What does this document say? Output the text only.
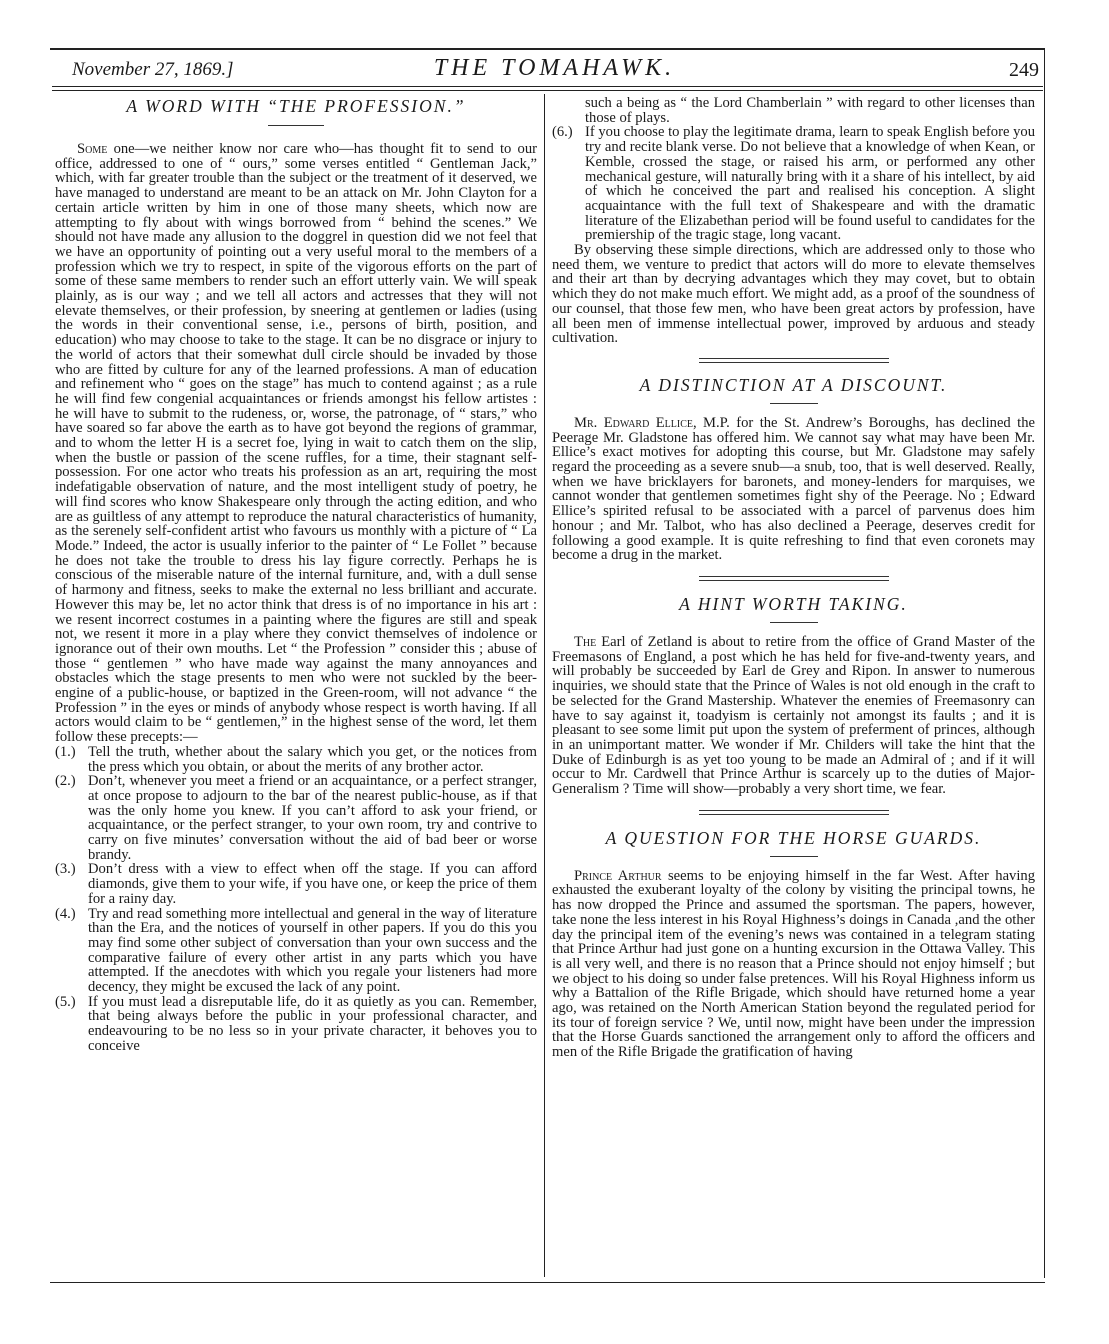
November 27, 1869.]	THE TOMAHAWK.	249
A WORD WITH “THE PROFESSION.”

Some one—we neither know nor care who—has thought fit to send to our office, addressed to one of “ ours,” some verses entitled “ Gentleman Jack,” which, with far greater trouble than the subject or the treatment of it deserved, we have managed to understand are meant to be an attack on Mr. John Clayton for a certain article written by him in one of those many sheets, which now are attempting to fly about with wings borrowed from “ behind the scenes.” We should not have made any allusion to the doggrel in question did we not feel that we have an opportunity of pointing out a very useful moral to the members of a profession which we try to respect, in spite of the vigorous efforts on the part of some of these same members to render such an effort utterly vain. We will speak plainly, as is our way ; and we tell all actors and actresses that they will not elevate themselves, or their profession, by sneering at gentlemen or ladies (using the words in their conventional sense, i.e., persons of birth, position, and education) who may choose to take to the stage. It can be no disgrace or injury to the world of actors that their somewhat dull circle should be invaded by those who are fitted by culture for any of the learned professions. A man of education and refinement who “ goes on the stage” has much to contend against ; as a rule he will find few congenial acquaintances or friends amongst his fellow artistes : he will have to submit to the rudeness, or, worse, the patronage, of “ stars,” who have soared so far above the earth as to have got beyond the regions of grammar, and to whom the letter H is a secret foe, lying in wait to catch them on the slip, when the bustle or passion of the scene ruffles, for a time, their stagnant self-possession. For one actor who treats his profession as an art, requiring the most indefatigable observation of nature, and the most intelligent study of poetry, he will find scores who know Shakespeare only through the acting edition, and who are as guiltless of any attempt to reproduce the natural characteristics of humanity, as the serenely self-confident artist who favours us monthly with a picture of “ La Mode.” Indeed, the actor is usually inferior to the painter of “ Le Follet ” because he does not take the trouble to dress his lay figure correctly. Perhaps he is conscious of the miserable nature of the internal furniture, and, with a dull sense of harmony and fitness, seeks to make the external no less brilliant and accurate. However this may be, let no actor think that dress is of no importance in his art : we resent incorrect costumes in a painting where the figures are still and speak not, we resent it more in a play where they convict themselves of indolence or ignorance out of their own mouths. Let “ the Profession ” consider this ; abuse of those “ gentlemen ” who have made way against the many annoyances and obstacles which the stage presents to men who were not suckled by the beer-engine of a public-house, or baptized in the Green-room, will not advance “ the Profession ” in the eyes or minds of anybody whose respect is worth having. If all actors would claim to be “ gentlemen,” in the highest sense of the word, let them follow these precepts:—

(1.) Tell the truth, whether about the salary which you get, or the notices from the press which you obtain, or about the merits of any brother actor.
(2.) Don’t, whenever you meet a friend or an acquaintance, or a perfect stranger, at once propose to adjourn to the bar of the nearest public-house, as if that was the only home you knew. If you can’t afford to ask your friend, or acquaintance, or the perfect stranger, to your own room, try and contrive to carry on five minutes’ conversation without the aid of bad beer or worse brandy.
(3.) Don’t dress with a view to effect when off the stage. If you can afford diamonds, give them to your wife, if you have one, or keep the price of them for a rainy day.
(4.) Try and read something more intellectual and general in the way of literature than the Era, and the notices of yourself in other papers. If you do this you may find some other subject of conversation than your own success and the comparative failure of every other artist in any parts which you have attempted. If the anecdotes with which you regale your listeners had more decency, they might be excused the lack of any point.
(5.) If you must lead a disreputable life, do it as quietly as you can. Remember, that being always before the public in your professional character, and endeavouring to be no less so in your private character, it behoves you to conceive
such a being as “ the Lord Chamberlain ” with regard to other licenses than those of plays.
(6.) If you choose to play the legitimate drama, learn to speak English before you try and recite blank verse. Do not believe that a knowledge of when Kean, or Kemble, crossed the stage, or raised his arm, or performed any other mechanical gesture, will naturally bring with it a share of his intellect, by aid of which he conceived the part and realised his conception. A slight acquaintance with the full text of Shakespeare and with the dramatic literature of the Elizabethan period will be found useful to candidates for the premiership of the tragic stage, long vacant.

By observing these simple directions, which are addressed only to those who need them, we venture to predict that actors will do more to elevate themselves and their art than by decrying advantages which they may covet, but to obtain which they do not make much effort. We might add, as a proof of the soundness of our counsel, that those few men, who have been great actors by profession, have all been men of immense intellectual power, improved by arduous and steady cultivation.

A DISTINCTION AT A DISCOUNT.

Mr. Edward Ellice, M.P. for the St. Andrew’s Boroughs, has declined the Peerage Mr. Gladstone has offered him. We cannot say what may have been Mr. Ellice’s exact motives for adopting this course, but Mr. Gladstone may safely regard the proceeding as a severe snub—a snub, too, that is well deserved. Really, when we have bricklayers for baronets, and money-lenders for marquises, we cannot wonder that gentlemen sometimes fight shy of the Peerage. No ; Edward Ellice’s spirited refusal to be associated with a parcel of parvenus does him honour ; and Mr. Talbot, who has also declined a Peerage, deserves credit for following a good example. It is quite refreshing to find that even coronets may become a drug in the market.

A HINT WORTH TAKING.

The Earl of Zetland is about to retire from the office of Grand Master of the Freemasons of England, a post which he has held for five-and-twenty years, and will probably be succeeded by Earl de Grey and Ripon. In answer to numerous inquiries, we should state that the Prince of Wales is not old enough in the craft to be selected for the Grand Mastership. Whatever the enemies of Freemasonry can have to say against it, toadyism is certainly not amongst its faults ; and it is pleasant to see some limit put upon the system of preferment of princes, although in an unimportant matter. We wonder if Mr. Childers will take the hint that the Duke of Edinburgh is as yet too young to be made an Admiral of ; and if it will occur to Mr. Cardwell that Prince Arthur is scarcely up to the duties of Major-Generalism ? Time will show—probably a very short time, we fear.

A QUESTION FOR THE HORSE GUARDS.

Prince Arthur seems to be enjoying himself in the far West. After having exhausted the exuberant loyalty of the colony by visiting the principal towns, he has now dropped the Prince and assumed the sportsman. The papers, however, take none the less interest in his Royal Highness’s doings in Canada ,and the other day the principal item of the evening’s news was contained in a telegram stating that Prince Arthur had just gone on a hunting excursion in the Ottawa Valley. This is all very well, and there is no reason that a Prince should not enjoy himself ; but we object to his doing so under false pretences. Will his Royal Highness inform us why a Battalion of the Rifle Brigade, which should have returned home a year ago, was retained on the North American Station beyond the regulated period for its tour of foreign service ? We, until now, might have been under the impression that the Horse Guards sanctioned the arrangement only to afford the officers and men of the Rifle Brigade the gratification of having
